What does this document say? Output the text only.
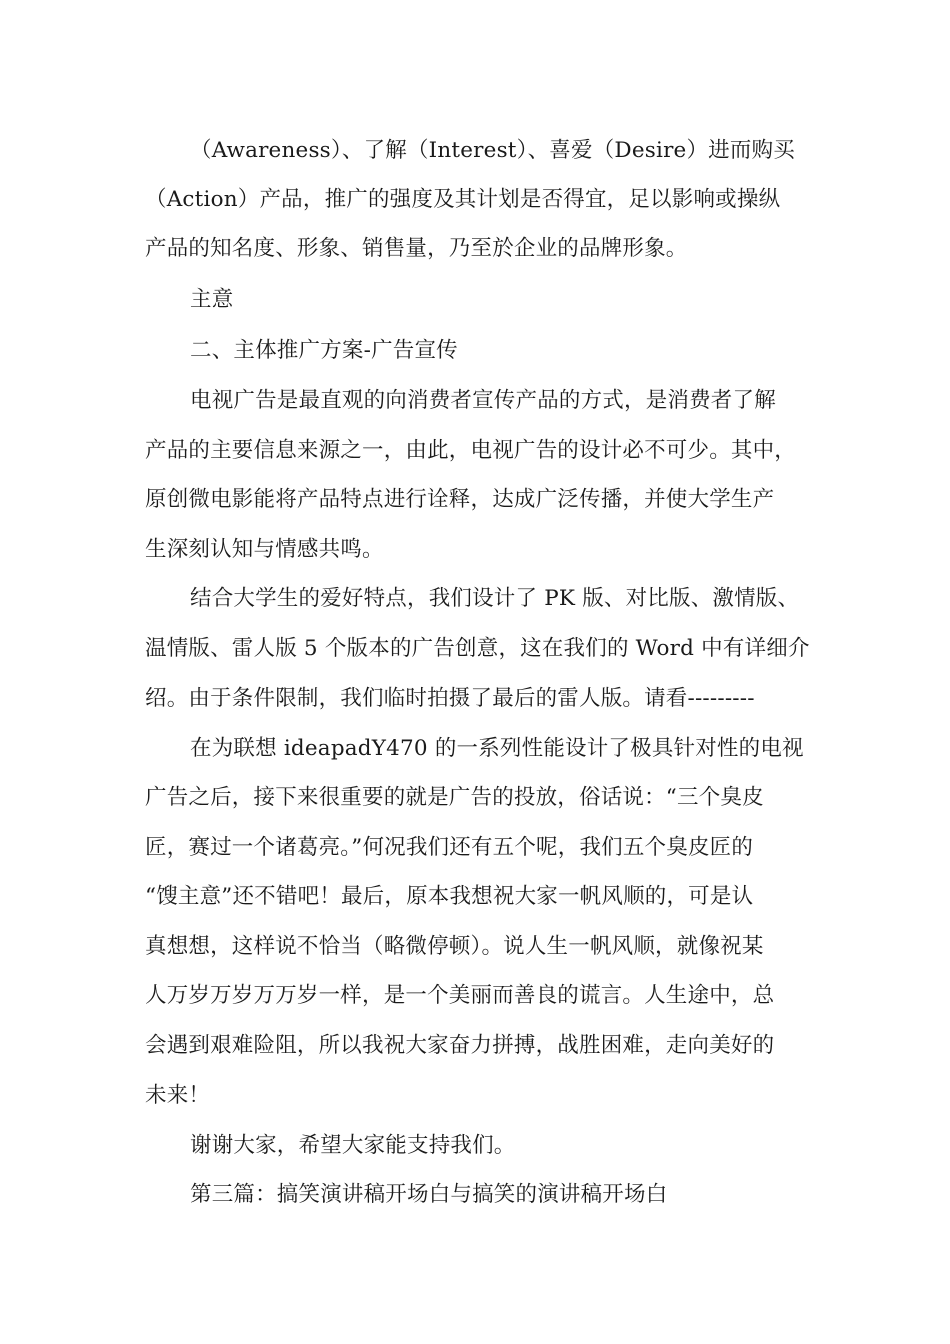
（Awareness）、了解（Interest）、喜爱（Desire）进而购买
（Action）产品，推广的强度及其计划是否得宜，足以影响或操纵
产品的知名度、形象、销售量，乃至於企业的品牌形象。
主意
二、主体推广方案-广告宣传
电视广告是最直观的向消费者宣传产品的方式，是消费者了解
产品的主要信息来源之一，由此，电视广告的设计必不可少。其中，
原创微电影能将产品特点进行诠释，达成广泛传播，并使大学生产
生深刻认知与情感共鸣。
结合大学生的爱好特点，我们设计了 PK 版、对比版、激情版、
温情版、雷人版 5 个版本的广告创意，这在我们的 Word 中有详细介
绍。由于条件限制，我们临时拍摄了最后的雷人版。请看---------
在为联想 ideapadY470 的一系列性能设计了极具针对性的电视
广告之后，接下来很重要的就是广告的投放，俗话说：“三个臭皮
匠，赛过一个诸葛亮。”何况我们还有五个呢，我们五个臭皮匠的
“馊主意”还不错吧！最后，原本我想祝大家一帆风顺的，可是认
真想想，这样说不恰当（略微停顿）。说人生一帆风顺，就像祝某
人万岁万岁万万岁一样，是一个美丽而善良的谎言。人生途中，总
会遇到艰难险阻，所以我祝大家奋力拼搏，战胜困难，走向美好的
未来！
谢谢大家，希望大家能支持我们。
第三篇：搞笑演讲稿开场白与搞笑的演讲稿开场白
